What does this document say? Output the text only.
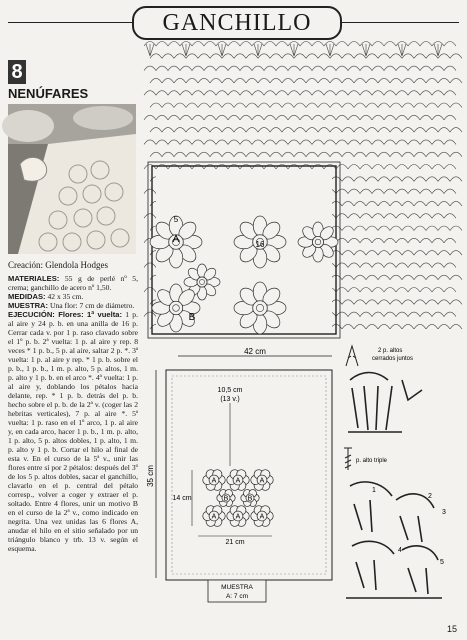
GANCHILLO
8
NENÚFARES
Creación: Glendola Hodges
MATERIALES: 55 g de perlé nº 5, crema; ganchillo de acero nº 1,50.
MEDIDAS: 42 x 35 cm.
MUESTRA: Una flor: 7 cm de diámetro.
EJECUCIÓN: Flores: 1ª vuelta: 1 p. al aire y 24 p. b. en una anilla de 16 p. Cerrar cada v. por 1 p. raso clavado sobre el 1º p. b. 2ª vuelta: 1 p. al aire y rep. 8 veces * 1 p. b., 5 p. al aire, saltar 2 p. *. 3ª vuelta: 1 p. al aire y rep. * 1 p. b. sobre el p. b., 1 p. b., 1 m. p. alto, 5 p. altos, 1 m. p. alto y 1 p. b. en el arco *. 4ª vuelta: 1 p. al aire y, doblando los pétalos hacia delante, rep. * 1 p. b. detrás del p. b. hecho sobre el p. b. de la 2ª v. (coger las 2 hebritas verticales), 7 p. al aire *. 5ª vuelta: 1 p. raso en el 1º arco, 1 p. al aire y, en cada arco, hacer 1 p. b., 1 m. p. alto, 1 p. alto, 5 p. altos dobles, 1 p. alto, 1 m. p. alto y 1 p. b. Cortar el hilo al final de esta v. En el curso de la 5ª v., unir las flores entre sí por 2 pétalos: después del 3º de los 5 p. altos dobles, sacar el ganchillo, clavarlo en el p. central del pétalo corresp., volver a coger y extraer el p. soltado. Entre 4 flores, unir un motivo B en el curso de la 2ª v., como indicado en negrita. Una vez unidas las 6 flores A, anudar el hilo en el sitio señalado por un triángulo blanco y trb. 13 v. según el esquema.
16
A
B
5
42 cm
35 cm
10,5 cm
(13 v.)
14 cm
21 cm
A	A	A
B	B
A	A	A
MUESTRA
A: 7 cm
2 p. altos
cerrados juntos
p. alto triple
1
2
3
4
5
15
